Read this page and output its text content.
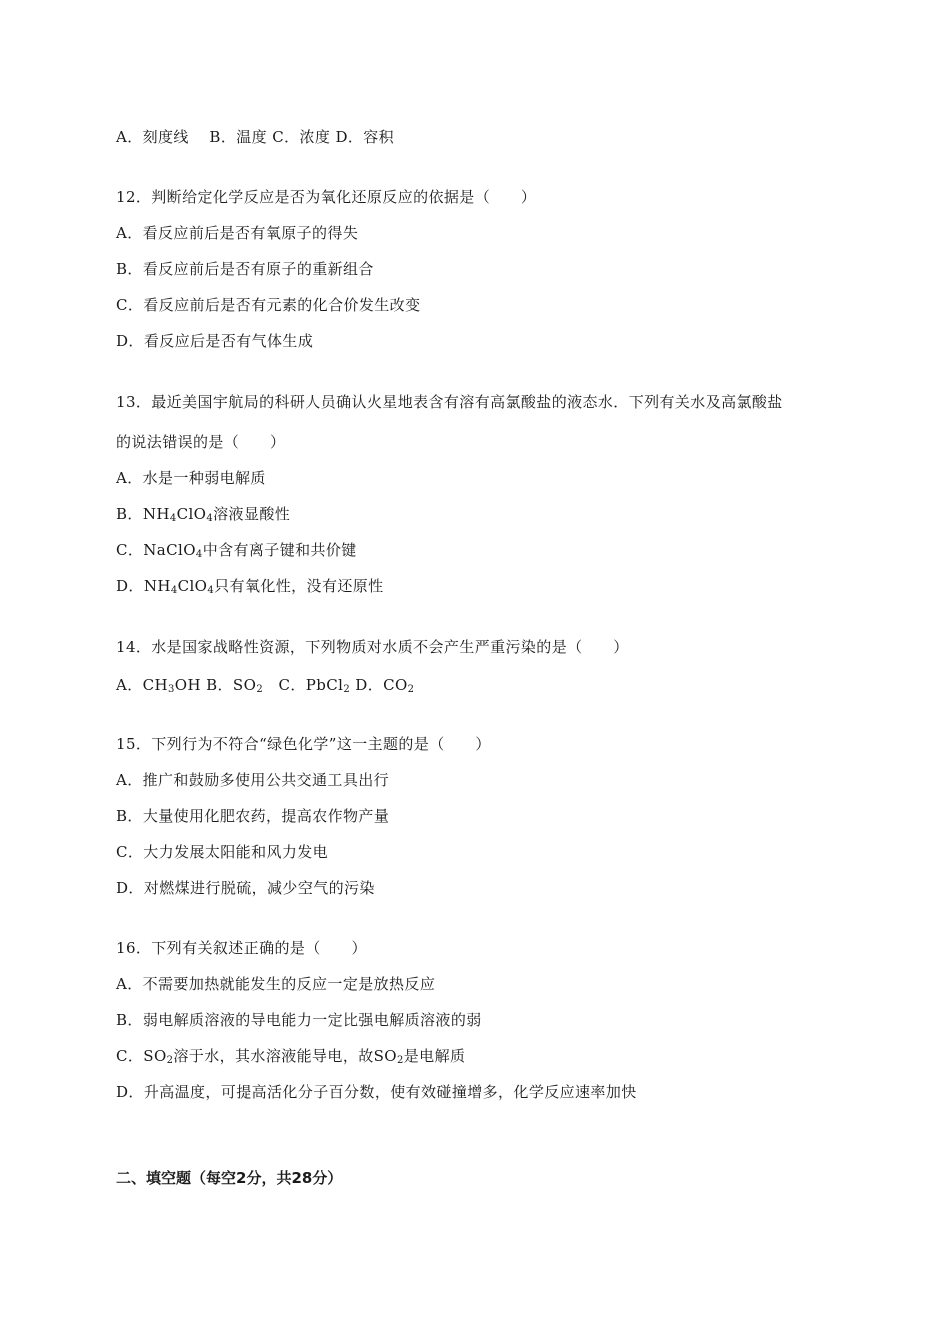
A．刻度线　 B．温度 C．浓度 D．容积
12．判断给定化学反应是否为氧化还原反应的依据是（　　）
A．看反应前后是否有氧原子的得失
B．看反应前后是否有原子的重新组合
C．看反应前后是否有元素的化合价发生改变
D．看反应后是否有气体生成
13．最近美国宇航局的科研人员确认火星地表含有溶有高氯酸盐的液态水．下列有关水及高氯酸盐
的说法错误的是（　　）
A．水是一种弱电解质
B．$NH_4ClO_4$溶液显酸性
C．NaClO$_4$中含有离子键和共价键
D．$NH_4ClO_4$只有氧化性，没有还原性
14．水是国家战略性资源，下列物质对水质不会产生严重污染的是（　　）
A．$CH_3OH$ B．$SO_2$　C．PbCl$_2$ D．$CO_2$
15．下列行为不符合“绿色化学”这一主题的是（　　）
A．推广和鼓励多使用公共交通工具出行
B．大量使用化肥农药，提高农作物产量
C．大力发展太阳能和风力发电
D．对燃煤进行脱硫，减少空气的污染
16．下列有关叙述正确的是（　　）
A．不需要加热就能发生的反应一定是放热反应
B．弱电解质溶液的导电能力一定比强电解质溶液的弱
C．$SO_2$溶于水，其水溶液能导电，故$SO_2$是电解质
D．升高温度，可提高活化分子百分数，使有效碰撞增多，化学反应速率加快
二、填空题（每空2分，共28分）
